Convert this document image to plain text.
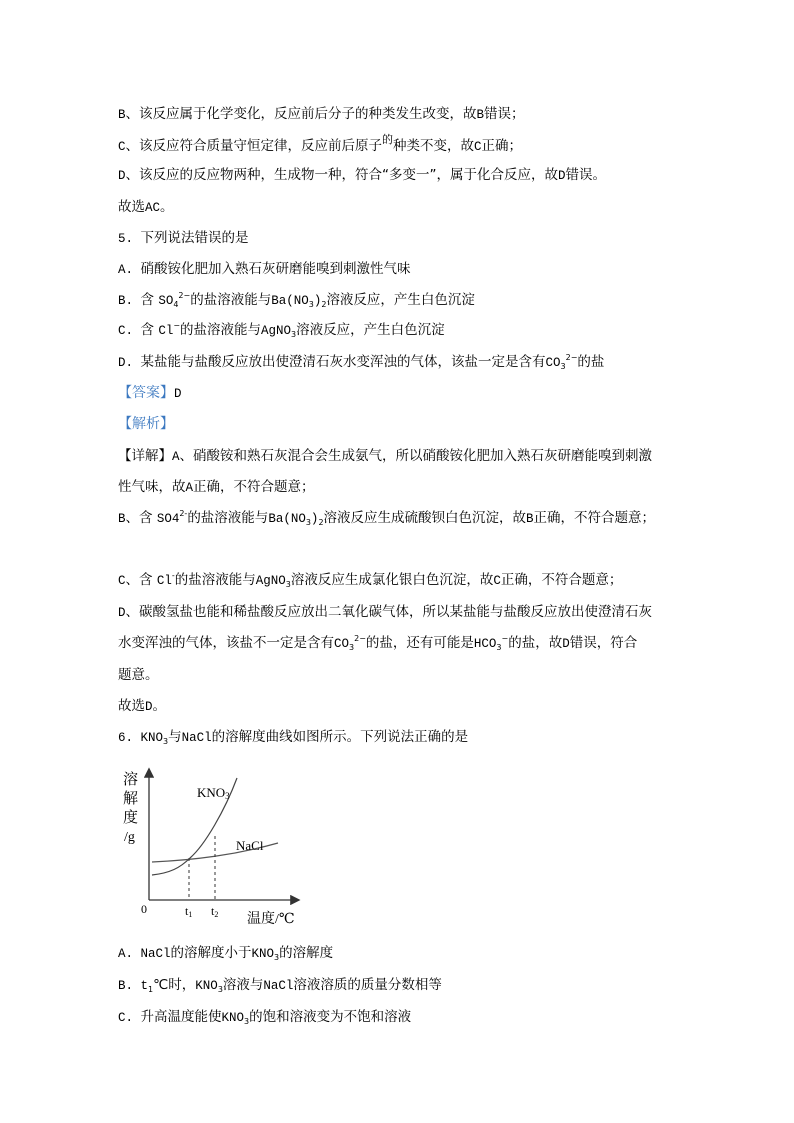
B、该反应属于化学变化，反应前后分子的种类发生改变，故B错误；
C、该反应符合质量守恒定律，反应前后原子$^的$种类不变，故C正确；
D、该反应的反应物两种，生成物一种，符合“多变一”，属于化合反应，故D错误。
故选AC。
5. 下列说法错误的是
A. 硝酸铵化肥加入熟石灰研磨能嗅到刺激性气味
B. 含 $SO_4^{2-}$的盐溶液能与$Ba(NO_3)_2$溶液反应，产生白色沉淀
C. 含 Cl−的盐溶液能与AgNO$_3$溶液反应，产生白色沉淀
D. 某盐能与盐酸反应放出使澄清石灰水变浑浊的气体，该盐一定是含有$CO_3^{2-}$的盐
【答案】D
【解析】
【详解】A、硝酸铵和熟石灰混合会生成氨气，所以硝酸铵化肥加入熟石灰研磨能嗅到刺激
性气味，故A正确，不符合题意；
B、含 $SO4^{2-}$的盐溶液能与$Ba(NO_3)_2$溶液反应生成硫酸钡白色沉淀，故B正确，不符合题意；
C、含 Cl-的盐溶液能与AgNO$_3$溶液反应生成氯化银白色沉淀，故C正确，不符合题意；
D、碳酸氢盐也能和稀盐酸反应放出二氧化碳气体，所以某盐能与盐酸反应放出使澄清石灰
水变浑浊的气体，该盐不一定是含有$CO_3^{2-}$的盐，还有可能是$HCO_3^-$的盐，故D错误，符合
题意。
故选D。
6. $KNO_3$与NaCl的溶解度曲线如图所示。下列说法正确的是
A. NaCl的溶解度小于$KNO_3$的溶解度
B. $t_1℃$时，$KNO_3$溶液与NaCl溶液溶质的质量分数相等
C. 升高温度能使$KNO_3$的饱和溶液变为不饱和溶液
溶
解
度
/g
KNO3
NaCl
0	t1 t2 温度/℃
